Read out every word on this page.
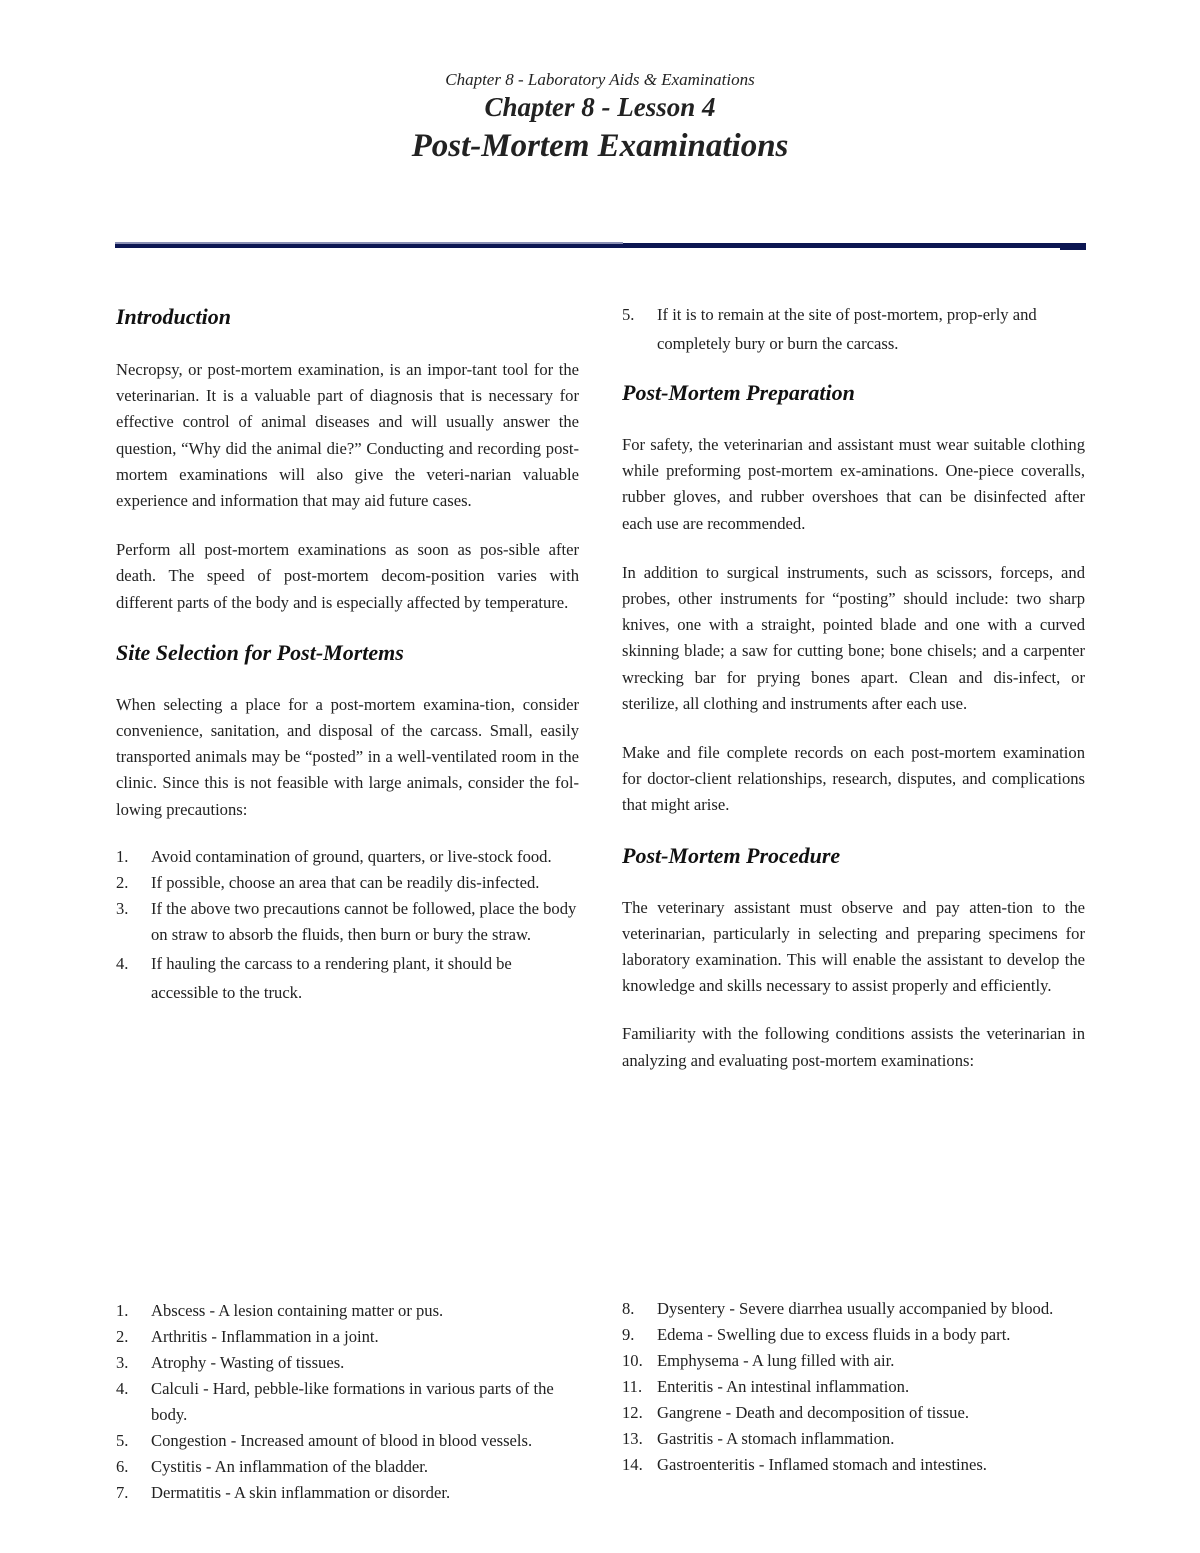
Chapter 8 - Laboratory Aids & Examinations
Chapter 8 - Lesson 4
Post-Mortem Examinations
Introduction

Necropsy, or post-mortem examination, is an impor-tant tool for the veterinarian. It is a valuable part of diagnosis that is necessary for effective control of animal diseases and will usually answer the question, “Why did the animal die?” Conducting and recording post-mortem examinations will also give the veteri-narian valuable experience and information that may aid future cases.

Perform all post-mortem examinations as soon as pos-sible after death. The speed of post-mortem decom-position varies with different parts of the body and is especially affected by temperature.

Site Selection for Post-Mortems

When selecting a place for a post-mortem examina-tion, consider convenience, sanitation, and disposal of the carcass. Small, easily transported animals may be “posted” in a well-ventilated room in the clinic. Since this is not feasible with large animals, consider the fol-lowing precautions:

1. Avoid contamination of ground, quarters, or live-stock food.
2. If possible, choose an area that can be readily dis-infected.
3. If the above two precautions cannot be followed, place the body on straw to absorb the fluids, then burn or bury the straw.
4. If hauling the carcass to a rendering plant, it should be accessible to the truck.
5. If it is to remain at the site of post-mortem, prop-erly and completely bury or burn the carcass.
Post-Mortem Preparation

For safety, the veterinarian and assistant must wear suitable clothing while preforming post-mortem ex-aminations. One-piece coveralls, rubber gloves, and rubber overshoes that can be disinfected after each use are recommended.

In addition to surgical instruments, such as scissors, forceps, and probes, other instruments for “posting” should include: two sharp knives, one with a straight, pointed blade and one with a curved skinning blade; a saw for cutting bone; bone chisels; and a carpenter wrecking bar for prying bones apart. Clean and dis-infect, or sterilize, all clothing and instruments after each use.

Make and file complete records on each post-mortem examination for doctor-client relationships, research, disputes, and complications that might arise.

Post-Mortem Procedure

The veterinary assistant must observe and pay atten-tion to the veterinarian, particularly in selecting and preparing specimens for laboratory examination. This will enable the assistant to develop the knowledge and skills necessary to assist properly and efficiently.

Familiarity with the following conditions assists the veterinarian in analyzing and evaluating post-mortem examinations:

1. Abscess - A lesion containing matter or pus.
2. Arthritis - Inflammation in a joint.
3. Atrophy - Wasting of tissues.
4. Calculi - Hard, pebble-like formations in various parts of the body.
5. Congestion - Increased amount of blood in blood vessels.
6. Cystitis - An inflammation of the bladder.
7. Dermatitis - A skin inflammation or disorder.
8. Dysentery - Severe diarrhea usually accompanied by blood.
9. Edema - Swelling due to excess fluids in a body part.
10. Emphysema - A lung filled with air.
11. Enteritis - An intestinal inflammation.
12. Gangrene - Death and decomposition of tissue.
13. Gastritis - A stomach inflammation.
14. Gastroenteritis - Inflamed stomach and intestines.
